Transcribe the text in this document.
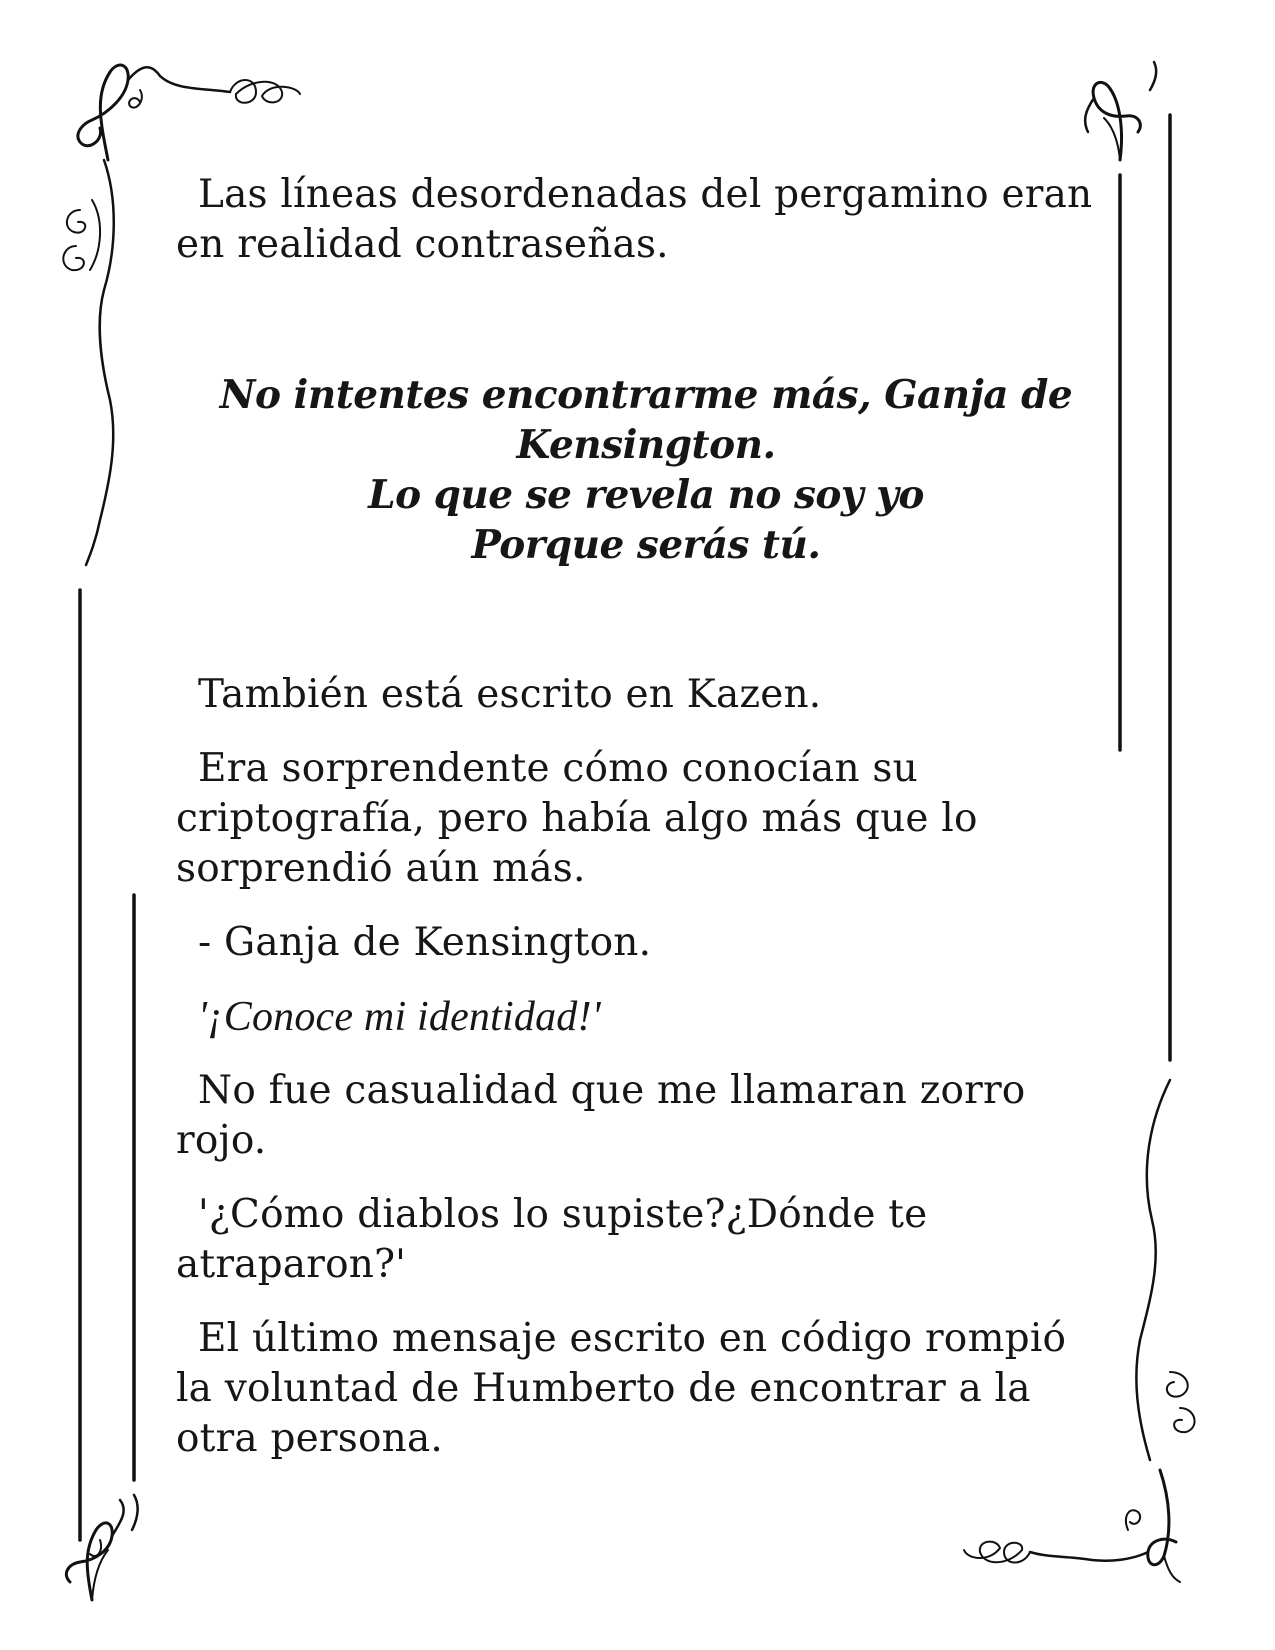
Las líneas desordenadas del pergamino eran en realidad contraseñas.

No intentes encontrarme más, Ganja de Kensington.
Lo que se revela no soy yo
Porque serás tú.

También está escrito en Kazen.

Era sorprendente cómo conocían su criptografía, pero había algo más que lo sorprendió aún más.

- Ganja de Kensington.

'¡Conoce mi identidad!'

No fue casualidad que me llamaran zorro rojo.

'¿Cómo diablos lo supiste?¿Dónde te atraparon?'

El último mensaje escrito en código rompió la voluntad de Humberto de encontrar a la otra persona.
